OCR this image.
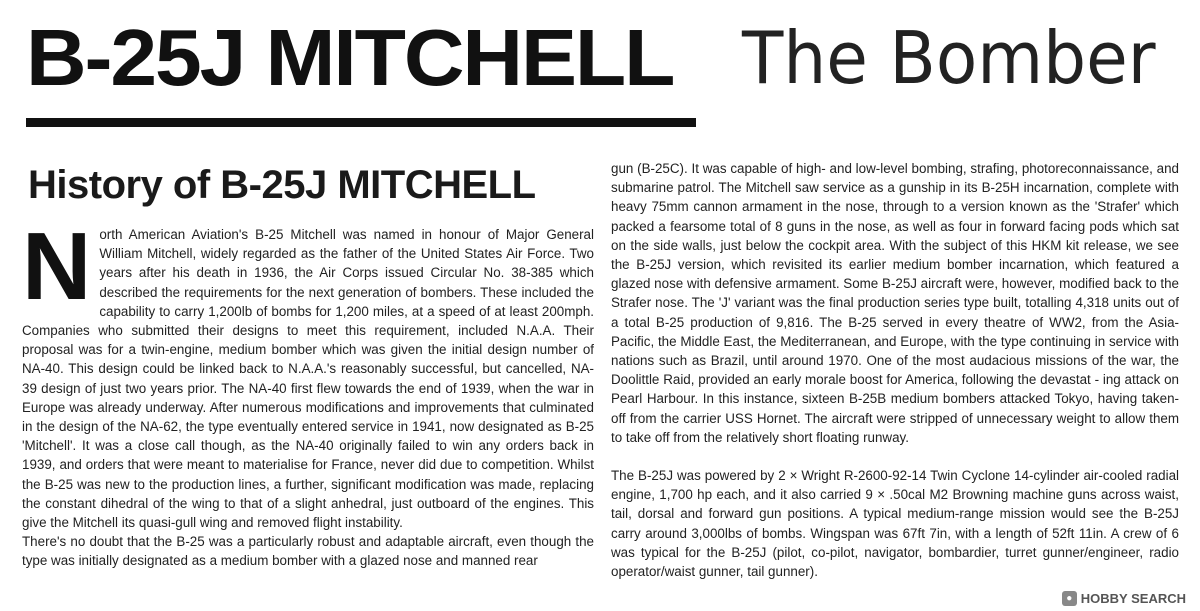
B-25J MITCHELL The Bomber
History of B-25J MITCHELL

North American Aviation's B-25 Mitchell was named in honour of Major General William Mitchell, widely regarded as the father of the United States Air Force. Two years after his death in 1936, the Air Corps issued Circular No. 38-385 which described the requirements for the next generation of bombers. These included the capability to carry 1,200lb of bombs for 1,200 miles, at a speed of at least 200mph. Companies who submitted their designs to meet this requirement, included N.A.A. Their proposal was for a twin-engine, medium bomber which was given the initial design number of NA-40. This design could be linked back to N.A.A.'s reasonably successful, but cancelled, NA-39 design of just two years prior. The NA-40 first flew towards the end of 1939, when the war in Europe was already underway. After numerous modifications and improvements that culminated in the design of the NA-62, the type eventually entered service in 1941, now designated as B-25 'Mitchell'. It was a close call though, as the NA-40 originally failed to win any orders back in 1939, and orders that were meant to materialise for France, never did due to competition. Whilst the B-25 was new to the production lines, a further, significant modification was made, replacing the constant dihedral of the wing to that of a slight anhedral, just outboard of the engines. This give the Mitchell its quasi-gull wing and removed flight instability.

There's no doubt that the B-25 was a particularly robust and adaptable aircraft, even though the type was initially designated as a medium bomber with a glazed nose and manned rear

gun (B-25C). It was capable of high- and low-level bombing, strafing, photoreconnaissance, and submarine patrol. The Mitchell saw service as a gunship in its B-25H incarnation, complete with heavy 75mm cannon armament in the nose, through to a version known as the 'Strafer' which packed a fearsome total of 8 guns in the nose, as well as four in forward facing pods which sat on the side walls, just below the cockpit area. With the subject of this HKM kit release, we see the B-25J version, which revisited its earlier medium bomber incarnation, which featured a glazed nose with defensive armament. Some B-25J aircraft were, however, modified back to the Strafer nose. The 'J' variant was the final production series type built, totalling 4,318 units out of a total B-25 production of 9,816. The B-25 served in every theatre of WW2, from the Asia-Pacific, the Middle East, the Mediterranean, and Europe, with the type continuing in service with nations such as Brazil, until around 1970. One of the most audacious missions of the war, the Doolittle Raid, provided an early morale boost for America, following the devastat - ing attack on Pearl Harbour. In this instance, sixteen B-25B medium bombers attacked Tokyo, having taken-off from the carrier USS Hornet. The aircraft were stripped of unnecessary weight to allow them to take off from the relatively short floating runway.

The B-25J was powered by 2 × Wright R-2600-92-14 Twin Cyclone 14-cylinder air-cooled radial engine, 1,700 hp each, and it also carried 9 × .50cal M2 Browning machine guns across waist, tail, dorsal and forward gun positions. A typical medium-range mission would see the B-25J carry around 3,000lbs of bombs. Wingspan was 67ft 7in, with a length of 52ft 11in. A crew of 6 was typical for the B-25J (pilot, co-pilot, navigator, bombardier, turret gunner/engineer, radio operator/waist gunner, tail gunner).

● HOBBY SEARCH
